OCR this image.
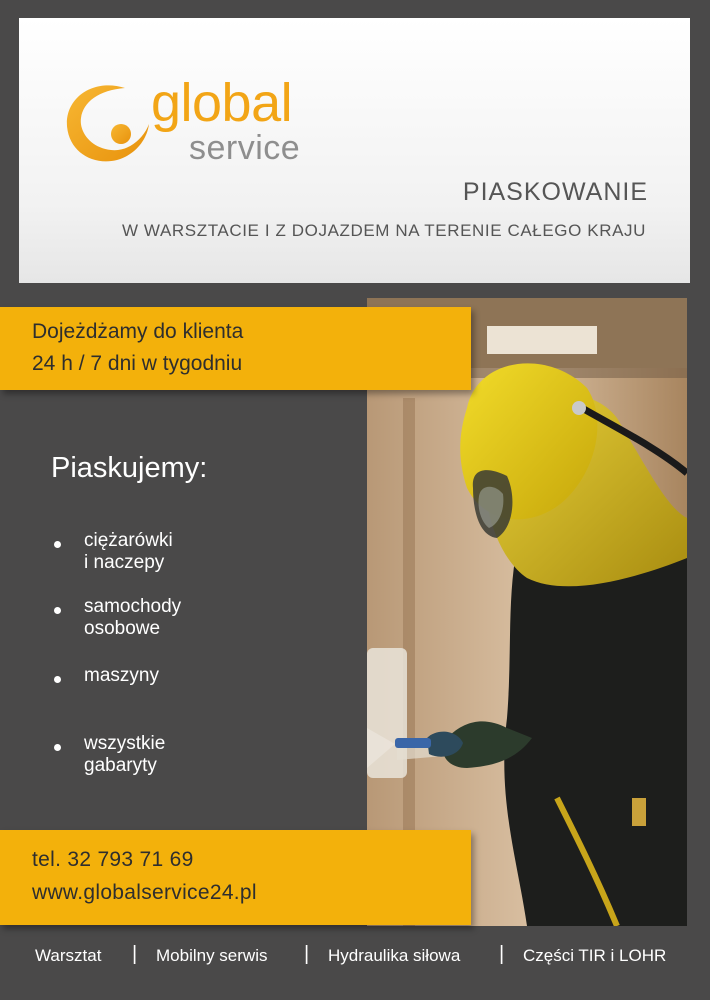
global
service
PIASKOWANIE
W WARSZTACIE I Z DOJAZDEM NA TERENIE CAŁEGO KRAJU
Dojeżdżamy do klienta
24 h / 7 dni w tygodniu
Piaskujemy:
ciężarówki i naczepy
samochody osobowe
maszyny
wszystkie gabaryty
tel. 32 793 71 69
www.globalservice24.pl
Warsztat | Mobilny serwis | Hydraulika siłowa | Części TIR i LOHR
